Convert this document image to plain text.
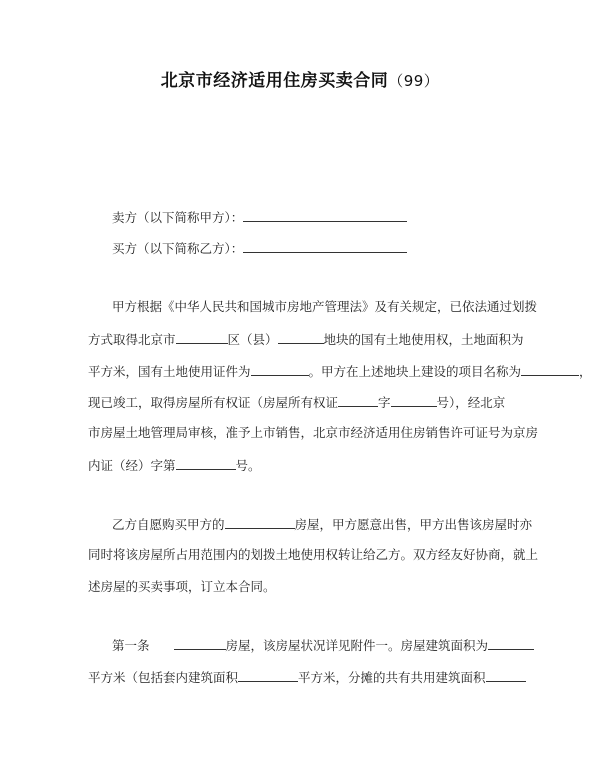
北京市经济适用住房买卖合同（99）
卖方（以下简称甲方）：
买方（以下简称乙方）：
甲方根据《中华人民共和国城市房地产管理法》及有关规定，已依法通过划拨
方式取得北京市	区（县）	地块的国有土地使用权，土地面积为
平方米，国有土地使用证件为	。甲方在上述地块上建设的项目名称为	，
现已竣工，取得房屋所有权证（房屋所有权证	字	号），经北京
市房屋土地管理局审核，准予上市销售，北京市经济适用住房销售许可证号为京房
内证（经）字第	号。
乙方自愿购买甲方的	房屋，甲方愿意出售，甲方出售该房屋时亦
同时将该房屋所占用范围内的划拨土地使用权转让给乙方。双方经友好协商，就上
述房屋的买卖事项，订立本合同。
第一条	房屋，该房屋状况详见附件一。房屋建筑面积为
平方米（包括套内建筑面积	平方米，分摊的共有共用建筑面积
